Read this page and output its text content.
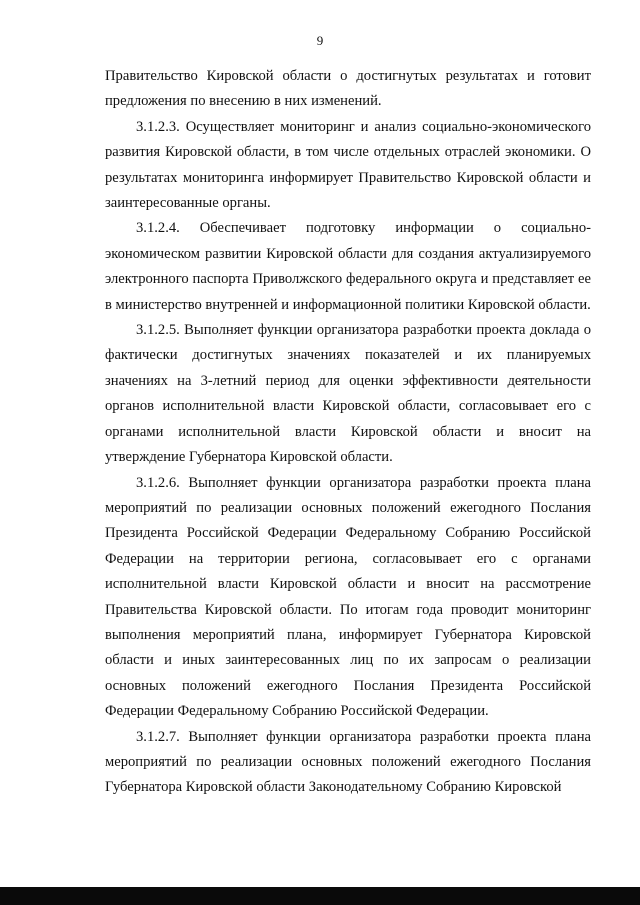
9

Правительство Кировской области о достигнутых результатах и готовит предложения по внесению в них изменений.

3.1.2.3. Осуществляет мониторинг и анализ социально-экономического развития Кировской области, в том числе отдельных отраслей экономики. О результатах мониторинга информирует Правительство Кировской области и заинтересованные органы.

3.1.2.4. Обеспечивает подготовку информации о социально-экономическом развитии Кировской области для создания актуализируемого электронного паспорта Приволжского федерального округа и представляет ее в министерство внутренней и информационной политики Кировской области.

3.1.2.5. Выполняет функции организатора разработки проекта доклада о фактически достигнутых значениях показателей и их планируемых значениях на 3-летний период для оценки эффективности деятельности органов исполнительной власти Кировской области, согласовывает его с органами исполнительной власти Кировской области и вносит на утверждение Губернатора Кировской области.

3.1.2.6. Выполняет функции организатора разработки проекта плана мероприятий по реализации основных положений ежегодного Послания Президента Российской Федерации Федеральному Собранию Российской Федерации на территории региона, согласовывает его с органами исполнительной власти Кировской области и вносит на рассмотрение Правительства Кировской области. По итогам года проводит мониторинг выполнения мероприятий плана, информирует Губернатора Кировской области и иных заинтересованных лиц по их запросам о реализации основных положений ежегодного Послания Президента Российской Федерации Федеральному Собранию Российской Федерации.

3.1.2.7. Выполняет функции организатора разработки проекта плана мероприятий по реализации основных положений ежегодного Послания Губернатора Кировской области Законодательному Собранию Кировской
